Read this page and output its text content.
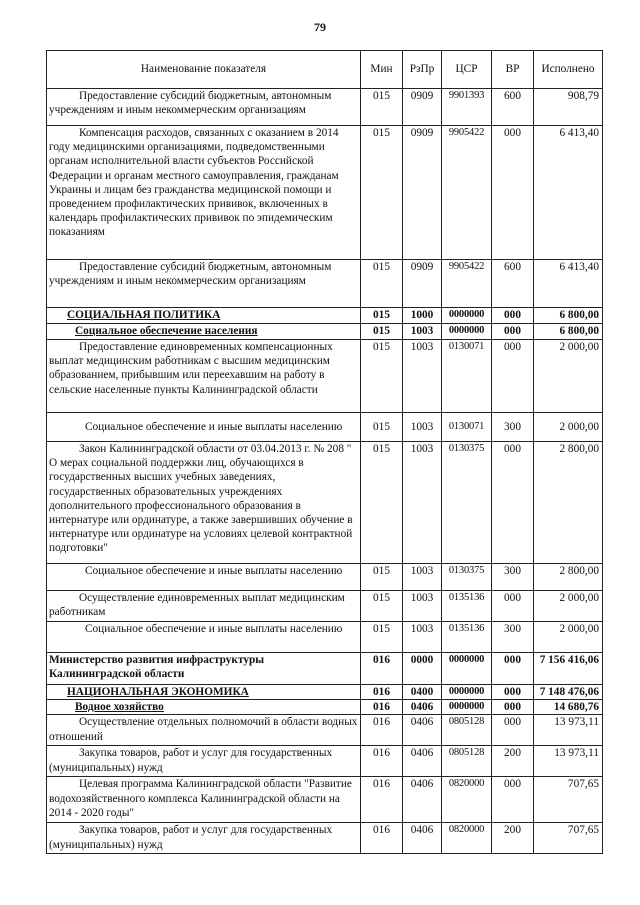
79
Наименование показателя	Мин	РзПр	ЦСР	ВР	Исполнено
Предоставление субсидий бюджетным, автономным учреждениям и иным некоммерческим организациям	015	0909	9901393	600	908,79
Компенсация расходов, связанных с оказанием в 2014 году медицинскими организациями, подведомственными органам исполнительной власти субъектов Российской Федерации и органам местного самоуправления, гражданам Украины и лицам без гражданства медицинской помощи и проведением профилактических прививок, включенных в календарь профилактических прививок по эпидемическим показаниям	015	0909	9905422	000	6 413,40
Предоставление субсидий бюджетным, автономным учреждениям и иным некоммерческим организациям	015	0909	9905422	600	6 413,40
СОЦИАЛЬНАЯ ПОЛИТИКА	015	1000	0000000	000	6 800,00
Социальное обеспечение населения	015	1003	0000000	000	6 800,00
Предоставление единовременных компенсационных выплат медицинским работникам с высшим медицинским образованием, прибывшим или переехавшим на работу в сельские населенные пункты Калининградской области	015	1003	0130071	000	2 000,00
Социальное обеспечение и иные выплаты населению	015	1003	0130071	300	2 000,00
Закон Калининградской области от 03.04.2013 г. № 208 " О мерах социальной поддержки лиц, обучающихся в государственных высших учебных заведениях, государственных образовательных учреждениях дополнительного профессионального образования в интернатуре или ординатуре, а также завершивших обучение в интернатуре или ординатуре на условиях целевой контрактной подготовки"	015	1003	0130375	000	2 800,00
Социальное обеспечение и иные выплаты населению	015	1003	0130375	300	2 800,00
Осуществление единовременных выплат медицинским работникам	015	1003	0135136	000	2 000,00
Социальное обеспечение и иные выплаты населению	015	1003	0135136	300	2 000,00
Министерство развития инфраструктуры Калининградской области	016	0000	0000000	000	7 156 416,06
НАЦИОНАЛЬНАЯ ЭКОНОМИКА	016	0400	0000000	000	7 148 476,06
Водное хозяйство	016	0406	0000000	000	14 680,76
Осуществление отдельных полномочий в области водных отношений	016	0406	0805128	000	13 973,11
Закупка товаров, работ и услуг для государственных (муниципальных) нужд	016	0406	0805128	200	13 973,11
Целевая программа Калининградской области "Развитие водохозяйственного комплекса Калининградской области на 2014 - 2020 годы"	016	0406	0820000	000	707,65
Закупка товаров, работ и услуг для государственных (муниципальных) нужд	016	0406	0820000	200	707,65
